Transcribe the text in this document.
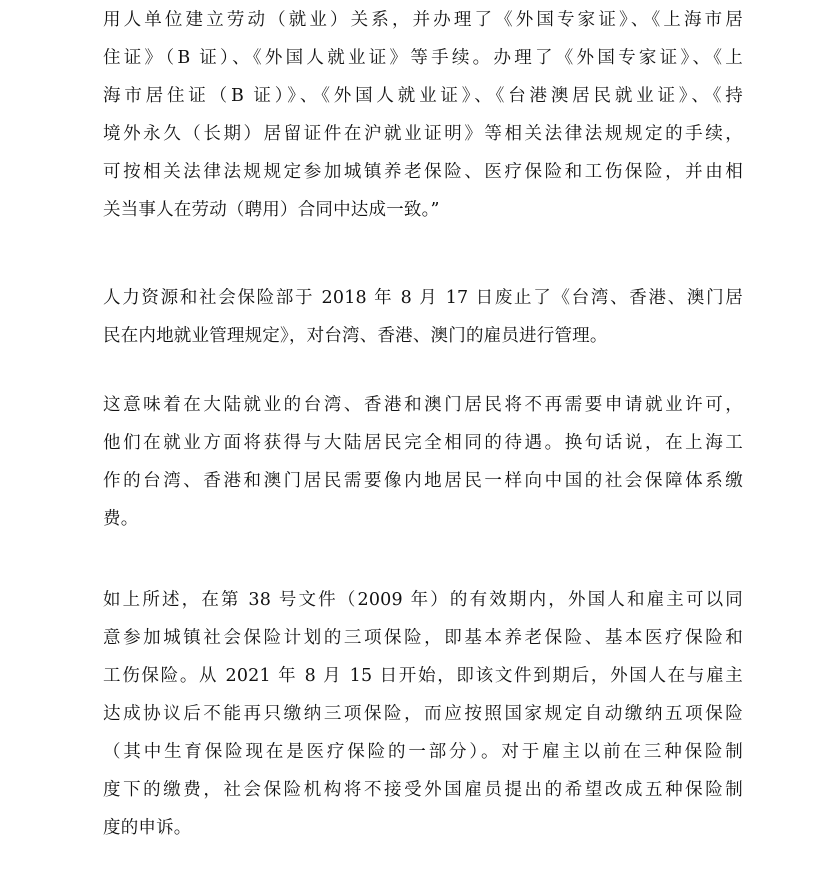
用人单位建立劳动（就业）关系，并办理了《外国专家证》、《上海市居
住证》（B 证）、《外国人就业证》等手续。办理了《外国专家证》、《上
海市居住证（B 证）》、《外国人就业证》、《台港澳居民就业证》、《持
境外永久（长期）居留证件在沪就业证明》等相关法律法规规定的手续，
可按相关法律法规规定参加城镇养老保险、医疗保险和工伤保险，并由相
关当事人在劳动（聘用）合同中达成一致。”
人力资源和社会保险部于 2018 年 8 月 17 日废止了《台湾、香港、澳门居
民在内地就业管理规定》，对台湾、香港、澳门的雇员进行管理。
这意味着在大陆就业的台湾、香港和澳门居民将不再需要申请就业许可，
他们在就业方面将获得与大陆居民完全相同的待遇。换句话说，在上海工
作的台湾、香港和澳门居民需要像内地居民一样向中国的社会保障体系缴
费。
如上所述，在第 38 号文件（2009 年）的有效期内，外国人和雇主可以同
意参加城镇社会保险计划的三项保险，即基本养老保险、基本医疗保险和
工伤保险。从 2021 年 8 月 15 日开始，即该文件到期后，外国人在与雇主
达成协议后不能再只缴纳三项保险，而应按照国家规定自动缴纳五项保险
（其中生育保险现在是医疗保险的一部分）。对于雇主以前在三种保险制
度下的缴费，社会保险机构将不接受外国雇员提出的希望改成五种保险制
度的申诉。
